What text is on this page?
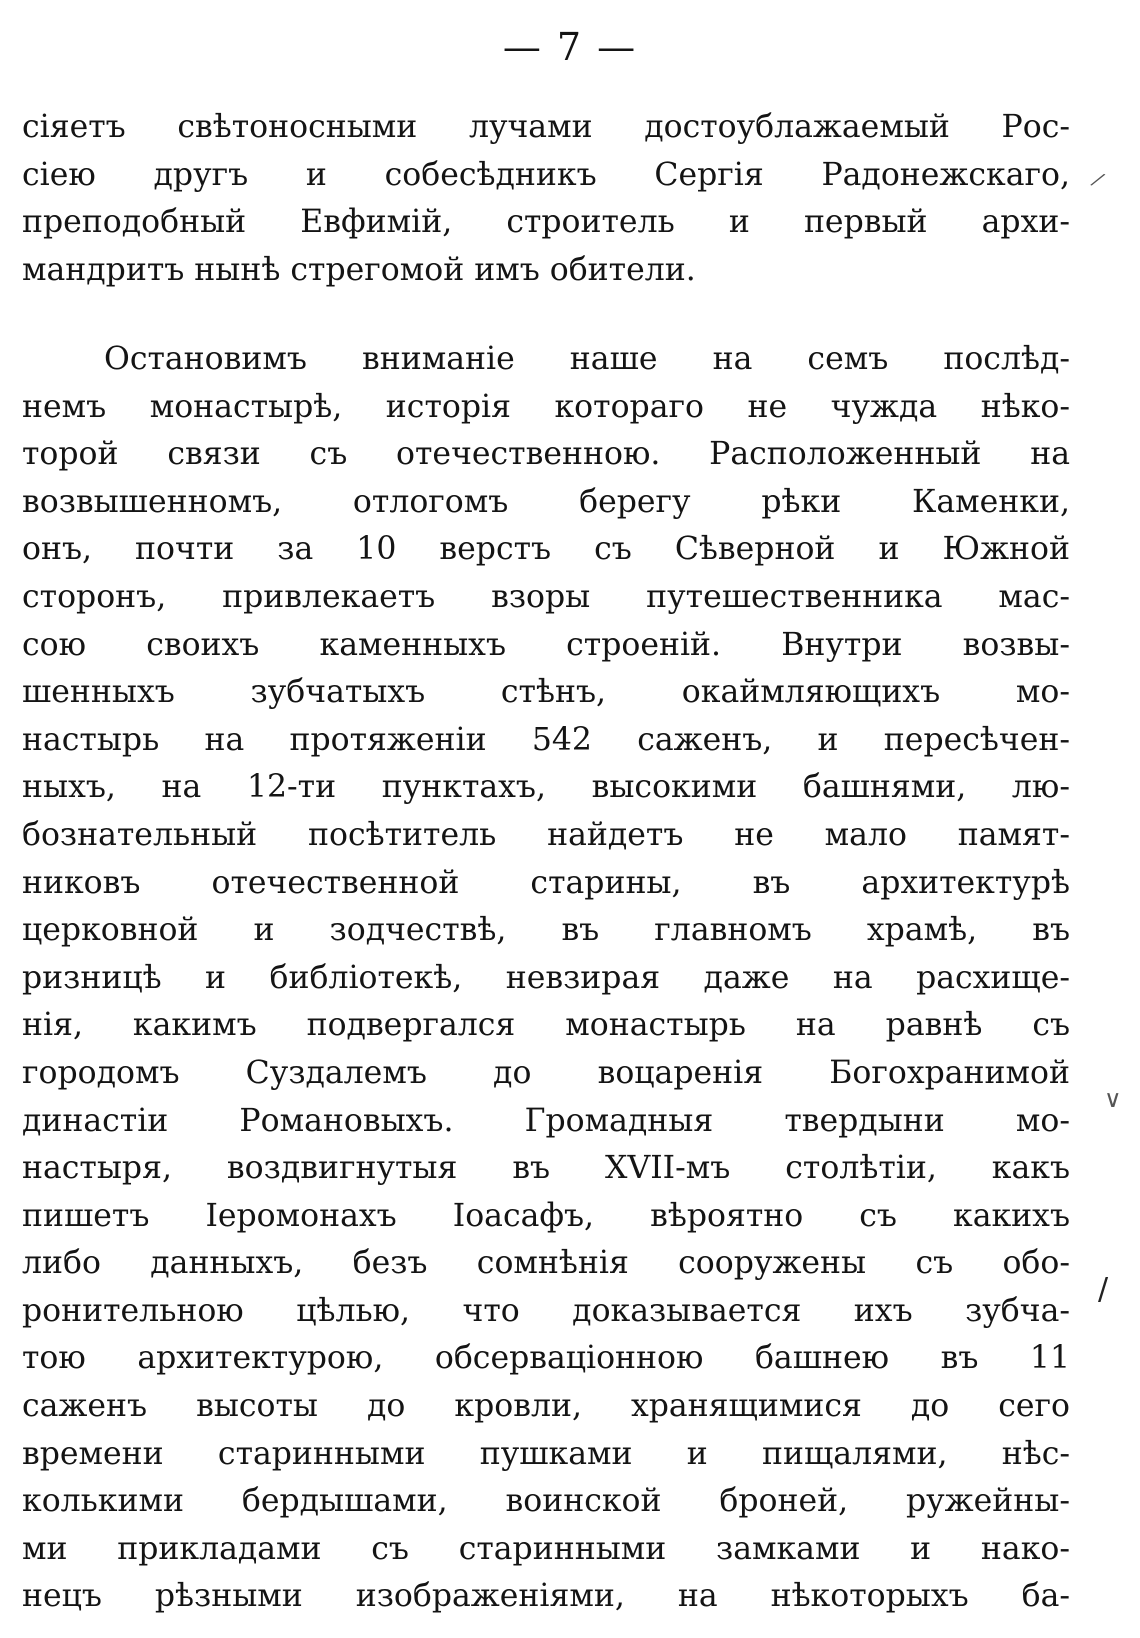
— 7 —
сіяетъ свѣтоносными лучами достоублажаемый Рос-
сіею другъ и собесѣдникъ Сергія Радонежскаго,
преподобный Евфимій, строитель и первый архи-
мандритъ нынѣ стрегомой имъ обители.
Остановимъ вниманіе наше на семъ послѣд-
немъ монастырѣ, исторія котораго не чужда нѣко-
торой связи съ отечественною. Расположенный на
возвышенномъ, отлогомъ берегу рѣки Каменки,
онъ, почти за 10 верстъ съ Сѣверной и Южной
сторонъ, привлекаетъ взоры путешественника мас-
сою своихъ каменныхъ строеній. Внутри возвы-
шенныхъ зубчатыхъ стѣнъ, окаймляющихъ мо-
настырь на протяженіи 542 саженъ, и пересѣчен-
ныхъ, на 12-ти пунктахъ, высокими башнями, лю-
бознательный посѣтитель найдетъ не мало памят-
никовъ отечественной старины, въ архитектурѣ
церковной и зодчествѣ, въ главномъ храмѣ, въ
ризницѣ и библіотекѣ, невзирая даже на расхище-
нія, какимъ подвергался монастырь на равнѣ съ
городомъ Суздалемъ до воцаренія Богохранимой
династіи Романовыхъ. Громадныя твердыни мо-
настыря, воздвигнутыя въ XVII-мъ столѣтіи, какъ
пишетъ Іеромонахъ Іоасафъ, вѣроятно съ какихъ
либо данныхъ, безъ сомнѣнія сооружены съ обо-
ронительною цѣлью, что доказывается ихъ зубча-
тою архитектурою, обсерваціонною башнею въ 11
саженъ высоты до кровли, хранящимися до сего
времени старинными пушками и пищалями, нѣс-
колькими бердышами, воинской броней, ружейны-
ми прикладами съ старинными замками и нако-
нецъ рѣзными изображеніями, на нѣкоторыхъ ба-
⁄
∨
/
